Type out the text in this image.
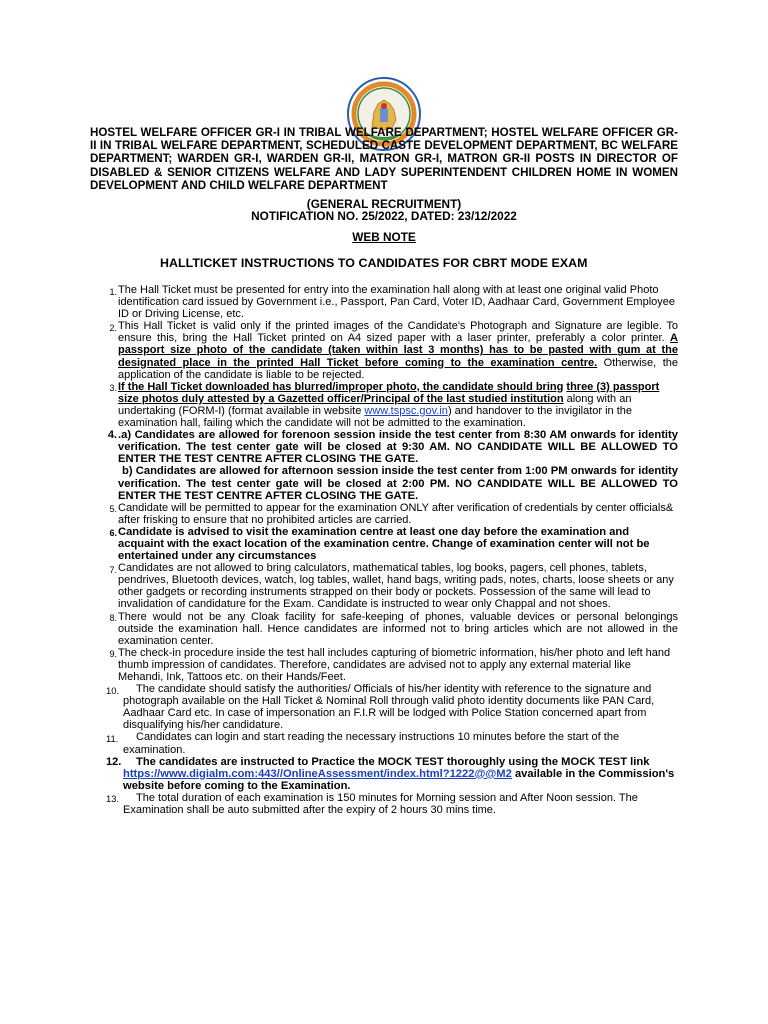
HOSTEL WELFARE OFFICER GR-I IN TRIBAL WELFARE DEPARTMENT; HOSTEL WELFARE OFFICER GR-II IN TRIBAL WELFARE DEPARTMENT, SCHEDULED CASTE DEVELOPMENT DEPARTMENT, BC WELFARE DEPARTMENT; WARDEN GR-I, WARDEN GR-II, MATRON GR-I, MATRON GR-II POSTS IN DIRECTOR OF DISABLED & SENIOR CITIZENS WELFARE AND LADY SUPERINTENDENT CHILDREN HOME IN WOMEN DEVELOPMENT AND CHILD WELFARE DEPARTMENT
(GENERAL RECRUITMENT)
NOTIFICATION NO. 25/2022, DATED: 23/12/2022
WEB NOTE
HALLTICKET INSTRUCTIONS TO CANDIDATES FOR CBRT MODE EXAM
1. The Hall Ticket must be presented for entry into the examination hall along with at least one original valid Photo identification card issued by Government i.e., Passport, Pan Card, Voter ID, Aadhaar Card, Government Employee ID or Driving License, etc.
2. This Hall Ticket is valid only if the printed images of the Candidate's Photograph and Signature are legible. To ensure this, bring the Hall Ticket printed on A4 sized paper with a laser printer, preferably a color printer. A passport size photo of the candidate (taken within last 3 months) has to be pasted with gum at the designated place in the printed Hall Ticket before coming to the examination centre. Otherwise, the application of the candidate is liable to be rejected.
3. If the Hall Ticket downloaded has blurred/improper photo, the candidate should bring three (3) passport size photos duly attested by a Gazetted officer/Principal of the last studied institution along with an undertaking (FORM-I) (format available in website www.tspsc.gov.in) and handover to the invigilator in the examination hall, failing which the candidate will not be admitted to the examination.
4. .a) Candidates are allowed for forenoon session inside the test center from 8:30 AM onwards for identity verification. The test center gate will be closed at 9:30 AM. NO CANDIDATE WILL BE ALLOWED TO ENTER THE TEST CENTRE AFTER CLOSING THE GATE.
b) Candidates are allowed for afternoon session inside the test center from 1:00 PM onwards for identity verification. The test center gate will be closed at 2:00 PM. NO CANDIDATE WILL BE ALLOWED TO ENTER THE TEST CENTRE AFTER CLOSING THE GATE.
5. Candidate will be permitted to appear for the examination ONLY after verification of credentials by center officials& after frisking to ensure that no prohibited articles are carried.
6. Candidate is advised to visit the examination centre at least one day before the examination and acquaint with the exact location of the examination centre. Change of examination center will not be entertained under any circumstances
7. Candidates are not allowed to bring calculators, mathematical tables, log books, pagers, cell phones, tablets, pendrives, Bluetooth devices, watch, log tables, wallet, hand bags, writing pads, notes, charts, loose sheets or any other gadgets or recording instruments strapped on their body or pockets. Possession of the same will lead to invalidation of candidature for the Exam. Candidate is instructed to wear only Chappal and not shoes.
8. There would not be any Cloak facility for safe-keeping of phones, valuable devices or personal belongings    outside the examination hall. Hence candidates are informed not to bring articles which are not allowed in the examination center.
9. The check-in procedure inside the test hall includes capturing of biometric information, his/her photo and left hand thumb impression of candidates. Therefore, candidates are advised not to apply any external material like Mehandi, Ink, Tattoos etc. on their Hands/Feet.
10.	The candidate should satisfy the authorities/ Officials of his/her identity with reference to the signature and photograph available on the Hall Ticket & Nominal Roll through valid photo identity documents like PAN Card, Aadhaar Card etc. In case of impersonation an F.I.R will be lodged with Police Station concerned apart from disqualifying his/her candidature.
11.	Candidates can login and start reading the necessary instructions 10 minutes before the start of the examination.
12.	The candidates are instructed to Practice the MOCK TEST thoroughly using the MOCK TEST link https://www.digialm.com:443//OnlineAssessment/index.html?1222@@M2 available in the Commission's website before coming to the Examination.
13.	The total duration of each examination is 150 minutes for Morning session and After Noon session. The Examination shall be auto submitted after the expiry of 2 hours 30 mins time.
